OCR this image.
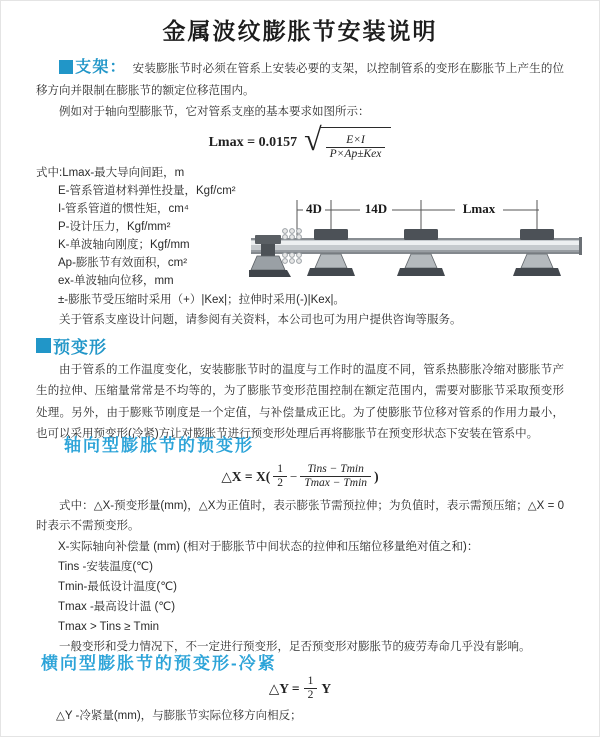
金属波纹膨胀节安装说明

支架： 安装膨胀节时必须在管系上安装必要的支架，以控制管系的变形在膨胀节上产生的位移方向并限制在膨胀节的额定位移范围内。

例如对于轴向型膨胀节，它对管系支座的基本要求如图所示：

Lmax = 0.0157 √ $\frac{E\times I}{\text{P×Ap±Kex}}$
式中:Lmax-最大导向间距，m
E-管系管道材料弹性投量，Kgf/cm²
I-管系管道的惯性矩，cm⁴
P-设计压力，Kgf/mm²
K-单波轴向刚度；Kgf/mm
Ap-膨胀节有效面积，cm²
ex-单波轴向位移，mm

±-膨胀节受压缩时采用（+）|Kex|；拉伸时采用(-)|Kex|。

关于管系支座设计问题，请参阅有关资料，本公司也可为用户提供咨询等服务。

预变形

由于管系的工作温度变化，安装膨胀节时的温度与工作时的温度不同，管系热膨胀冷缩对膨胀节产生的拉伸、压缩量常常是不均等的，为了膨胀节变形范围控制在额定范围内，需要对膨胀节采取预变形处理。另外，由于膨账节刚度是一个定值，与补偿量成正比。为了使膨胀节位移对管系的作用力最小，也可以采用预变形(冷紧)方让对膨胀节进行预变形处理后再将膨胀节在预变形状态下安装在管系中。

轴向型膨胀节的预变形
△X = $X( \frac{1}{2} - \frac{\text{Tins − Tmin}}{Tmax - Tmin}$ )

式中：△X-预变形量(mm)，△X为正值时，表示膨张节需预拉伸；为负值时，表示需预压缩；△X = 0时表示不需预变形。

X-实际轴向补偿量 (mm) (相对于膨胀节中间状态的拉伸和压缩位移量绝对值之和)：

Tins -安装温度(℃)

Tmin-最低设计温度(℃)

Tmax -最高设计温 (℃)

Tmax > Tins ≥ Tmin

一般变形和受力情况下，不一定进行预变形，足否预变形对膨胀节的疲劳寿命几乎没有影响。

横向型膨胀节的预变形-冷紧
△Y = $\frac{1}{2}$ Y

△Y -冷紧量(mm)，与膨胀节实际位移方向相反；

4D	14D	Lmax
